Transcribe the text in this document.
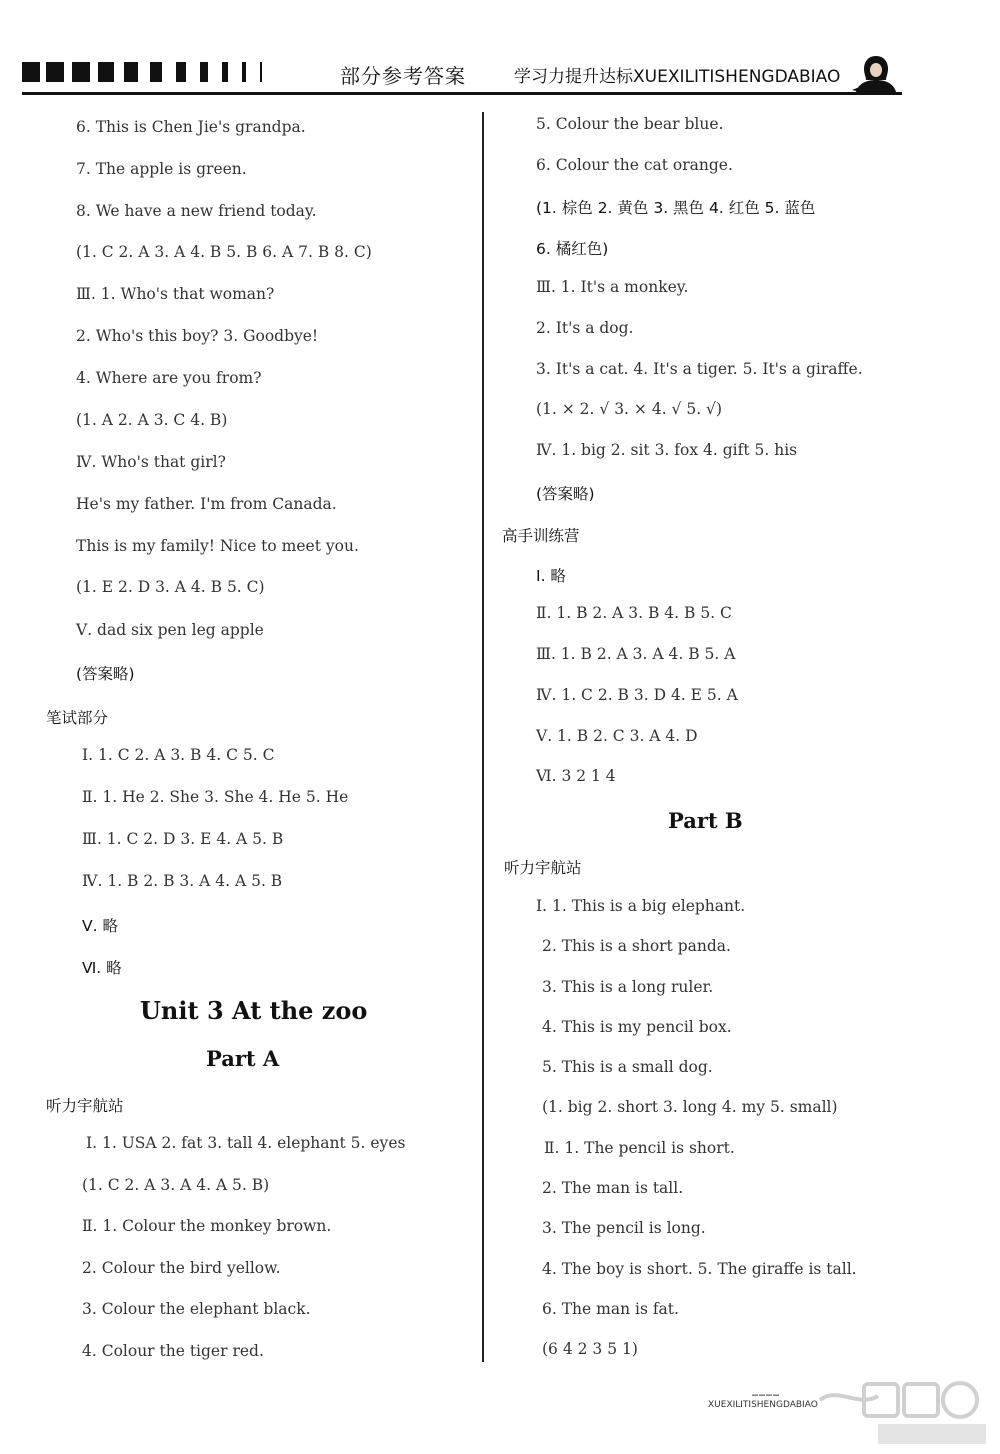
部分参考答案	学习力提升达标XUEXILITISHENGDABIAO
6. This is Chen Jie's grandpa.
7. The apple is green.
8. We have a new friend today.
(1. C 2. A 3. A 4. B 5. B 6. A 7. B 8. C)
Ⅲ. 1. Who's that woman?
2. Who's this boy? 3. Goodbye!
4. Where are you from?
(1. A 2. A 3. C 4. B)
Ⅳ. Who's that girl?
He's my father. I'm from Canada.
This is my family! Nice to meet you.
(1. E 2. D 3. A 4. B 5. C)
Ⅴ. dad six pen leg apple
(答案略)
笔试部分
Ⅰ. 1. C 2. A 3. B 4. C 5. C
Ⅱ. 1. He 2. She 3. She 4. He 5. He
Ⅲ. 1. C 2. D 3. E 4. A 5. B
Ⅳ. 1. B 2. B 3. A 4. A 5. B
Ⅴ. 略
Ⅵ. 略
Unit 3 At the zoo
Part A
听力宇航站
Ⅰ. 1. USA 2. fat 3. tall 4. elephant 5. eyes
(1. C 2. A 3. A 4. A 5. B)
Ⅱ. 1. Colour the monkey brown.
2. Colour the bird yellow.
3. Colour the elephant black.
4. Colour the tiger red.
5. Colour the bear blue.
6. Colour the cat orange.
(1. 棕色 2. 黄色 3. 黑色 4. 红色 5. 蓝色
6. 橘红色)
Ⅲ. 1. It's a monkey.
2. It's a dog.
3. It's a cat. 4. It's a tiger. 5. It's a giraffe.
(1. × 2. √ 3. × 4. √ 5. √)
Ⅳ. 1. big 2. sit 3. fox 4. gift 5. his
(答案略)
高手训练营
Ⅰ. 略
Ⅱ. 1. B 2. A 3. B 4. B 5. C
Ⅲ. 1. B 2. A 3. A 4. B 5. A
Ⅳ. 1. C 2. B 3. D 4. E 5. A
Ⅴ. 1. B 2. C 3. A 4. D
Ⅵ. 3 2 1 4
Part B
听力宇航站
Ⅰ. 1. This is a big elephant.
2. This is a short panda.
3. This is a long ruler.
4. This is my pencil box.
5. This is a small dog.
(1. big 2. short 3. long 4. my 5. small)
Ⅱ. 1. The pencil is short.
2. The man is tall.
3. The pencil is long.
4. The boy is short. 5. The giraffe is tall.
6. The man is fat.
(6 4 2 3 5 1)
…………
XUEXILITISHENGDABIAO
